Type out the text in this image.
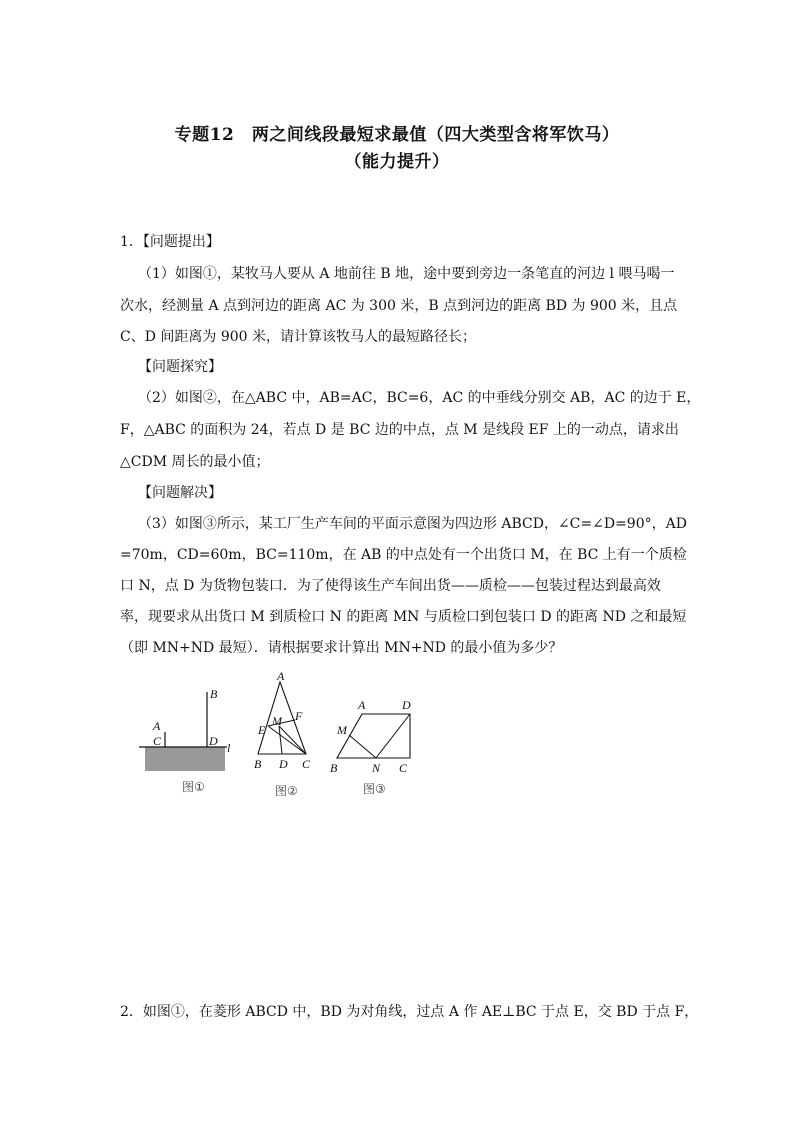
专题12　两之间线段最短求最值（四大类型含将军饮马）
（能力提升）
1．【问题提出】
（1）如图①，某牧马人要从 A 地前往 B 地，途中要到旁边一条笔直的河边 l 喂马喝一
次水，经测量 A 点到河边的距离 AC 为 300 米，B 点到河边的距离 BD 为 900 米，且点
C、D 间距离为 900 米，请计算该牧马人的最短路径长；
【问题探究】
（2）如图②，在△ABC 中，AB=AC，BC=6，AC 的中垂线分别交 AB，AC 的边于 E，
F，△ABC 的面积为 24，若点 D 是 BC 边的中点，点 M 是线段 EF 上的一动点，请求出
△CDM 周长的最小值；
【问题解决】
（3）如图③所示，某工厂生产车间的平面示意图为四边形 ABCD，∠C=∠D=90°，AD
=70m，CD=60m，BC=110m，在 AB 的中点处有一个出货口 M，在 BC 上有一个质检
口 N，点 D 为货物包装口．为了使得该生产车间出货——质检——包装过程达到最高效
率，现要求从出货口 M 到质检口 N 的距离 MN 与质检口到包装口 D 的距离 ND 之和最短
（即 MN+ND 最短）．请根据要求计算出 MN+ND 的最小值为多少？
A
C
B
D l
图①
A
B D C
E
F
M
图②
A	D
M
B	N C
图③
2．如图①，在菱形 ABCD 中，BD 为对角线，过点 A 作 AE⊥BC 于点 E，交 BD 于点 F，
